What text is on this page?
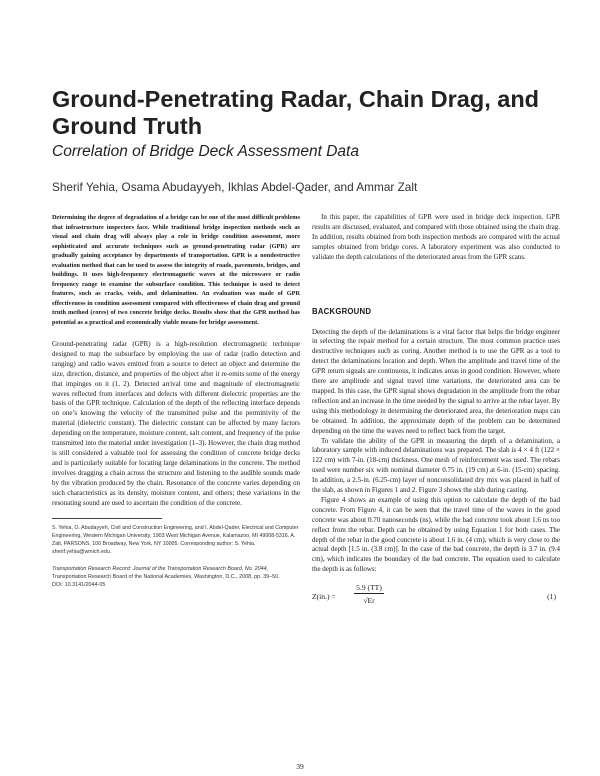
Ground-Penetrating Radar, Chain Drag, and Ground Truth
Correlation of Bridge Deck Assessment Data
Sherif Yehia, Osama Abudayyeh, Ikhlas Abdel-Qader, and Ammar Zalt

Determining the degree of degradation of a bridge can be one of the most difficult problems that infrastructure inspectors face. While traditional bridge inspection methods such as visual and chain drag will always play a role in bridge condition assessment, more sophisticated and accurate techniques such as ground-penetrating radar (GPR) are gradually gaining acceptance by departments of transportation. GPR is a nondestructive evaluation method that can be used to assess the integrity of roads, pavements, bridges, and buildings. It uses high-frequency electromagnetic waves at the microwave or radio frequency range to examine the subsurface condition. This technique is used to detect features, such as cracks, voids, and delamination. An evaluation was made of GPR effectiveness in condition assessment compared with effectiveness of chain drag and ground truth method (cores) of two concrete bridge decks. Results show that the GPR method has potential as a practical and economically viable means for bridge assessment.

Ground-penetrating radar (GPR) is a high-resolution electromagnetic technique designed to map the subsurface by employing the use of radar (radio detection and ranging) and radio waves emitted from a source to detect an object and determine the size, direction, distance, and properties of the object after it re-emits some of the energy that impinges on it (1, 2). Detected arrival time and magnitude of electromagnetic waves reflected from interfaces and defects with different dielectric properties are the basis of the GPR technique. Calculation of the depth of the reflecting interface depends on one’s knowing the velocity of the transmitted pulse and the permittivity of the material (dielectric constant). The dielectric constant can be affected by many factors depending on the temperature, moisture content, salt content, and frequency of the pulse transmitted into the material under investigation (1–3). However, the chain drag method is still considered a valuable tool for assessing the condition of concrete bridge decks and is particularly suitable for locating large delaminations in the concrete. The method involves dragging a chain across the structure and listening to the audible sounds made by the vibration produced by the chain. Resonance of the concrete varies depending on such characteristics as its density, moisture content, and others; these variations in the resonating sound are used to ascertain the condition of the concrete.

S. Yehia, O. Abudayyeh, Civil and Construction Engineering, and I. Abdel-Qader, Electrical and Computer Engineering, Western Michigan University, 1903 West Michigan Avenue, Kalamazoo, MI 49008-5316. A. Zalt, PARSONS, 100 Broadway, New York, NY 10005. Corresponding author: S. Yehia, sherif.yehia@wmich.edu.

Transportation Research Record: Journal of the Transportation Research Board, No. 2044, Transportation Research Board of the National Academies, Washington, D.C., 2008, pp. 39–50.
DOI: 10.3141/2044-05

In this paper, the capabilities of GPR were used in bridge deck inspection. GPR results are discussed, evaluated, and compared with those obtained using the chain drag. In addition, results obtained from both inspection methods are compared with the actual samples obtained from bridge cores. A laboratory experiment was also conducted to validate the depth calculations of the deteriorated areas from the GPR scans.

BACKGROUND

Detecting the depth of the delaminations is a vital factor that helps the bridge engineer in selecting the repair method for a certain structure. The most common practice uses destructive techniques such as coring. Another method is to use the GPR as a tool to detect the delaminations location and depth. When the amplitude and travel time of the GPR return signals are continuous, it indicates areas in good condition. However, where there are amplitude and signal travel time variations, the deteriorated area can be mapped. In this case, the GPR signal shows degradation in the amplitude from the rebar reflection and an increase in the time needed by the signal to arrive at the rebar layer. By using this methodology in determining the deteriorated area, the deterioration maps can be obtained. In addition, the approximate depth of the problem can be determined depending on the time the waves need to reflect back from the target.

To validate the ability of the GPR in measuring the depth of a delamination, a laboratory sample with induced delaminations was prepared. The slab is 4 × 4 ft (122 × 122 cm) with 7-in. (18-cm) thickness. One mesh of reinforcement was used. The rebars used were number six with nominal diameter 0.75 in. (19 cm) at 6-in. (15-cm) spacing. In addition, a 2.5-in. (6.25-cm) layer of nonconsolidated dry mix was placed in half of the slab, as shown in Figures 1 and 2. Figure 3 shows the slab during casting.

Figure 4 shows an example of using this option to calculate the depth of the bad concrete. From Figure 4, it can be seen that the travel time of the waves in the good concrete was about 0.70 nanoseconds (ns), while the bad concrete took about 1.6 ns too reflect from the rebar. Depth can be obtained by using Equation 1 for both cases. The depth of the rebar in the good concrete is about 1.6 in. (4 cm), which is very close to the actual depth [1.5 in. (3.8 cm)]. In the case of the bad concrete, the depth is 3.7 in. (9.4 cm), which indicates the boundary of the bad concrete. The equation used to calculate the depth is as follows:

$Z(in.) = \frac{5.9 (TT)}{√Er}$	(1)
39
